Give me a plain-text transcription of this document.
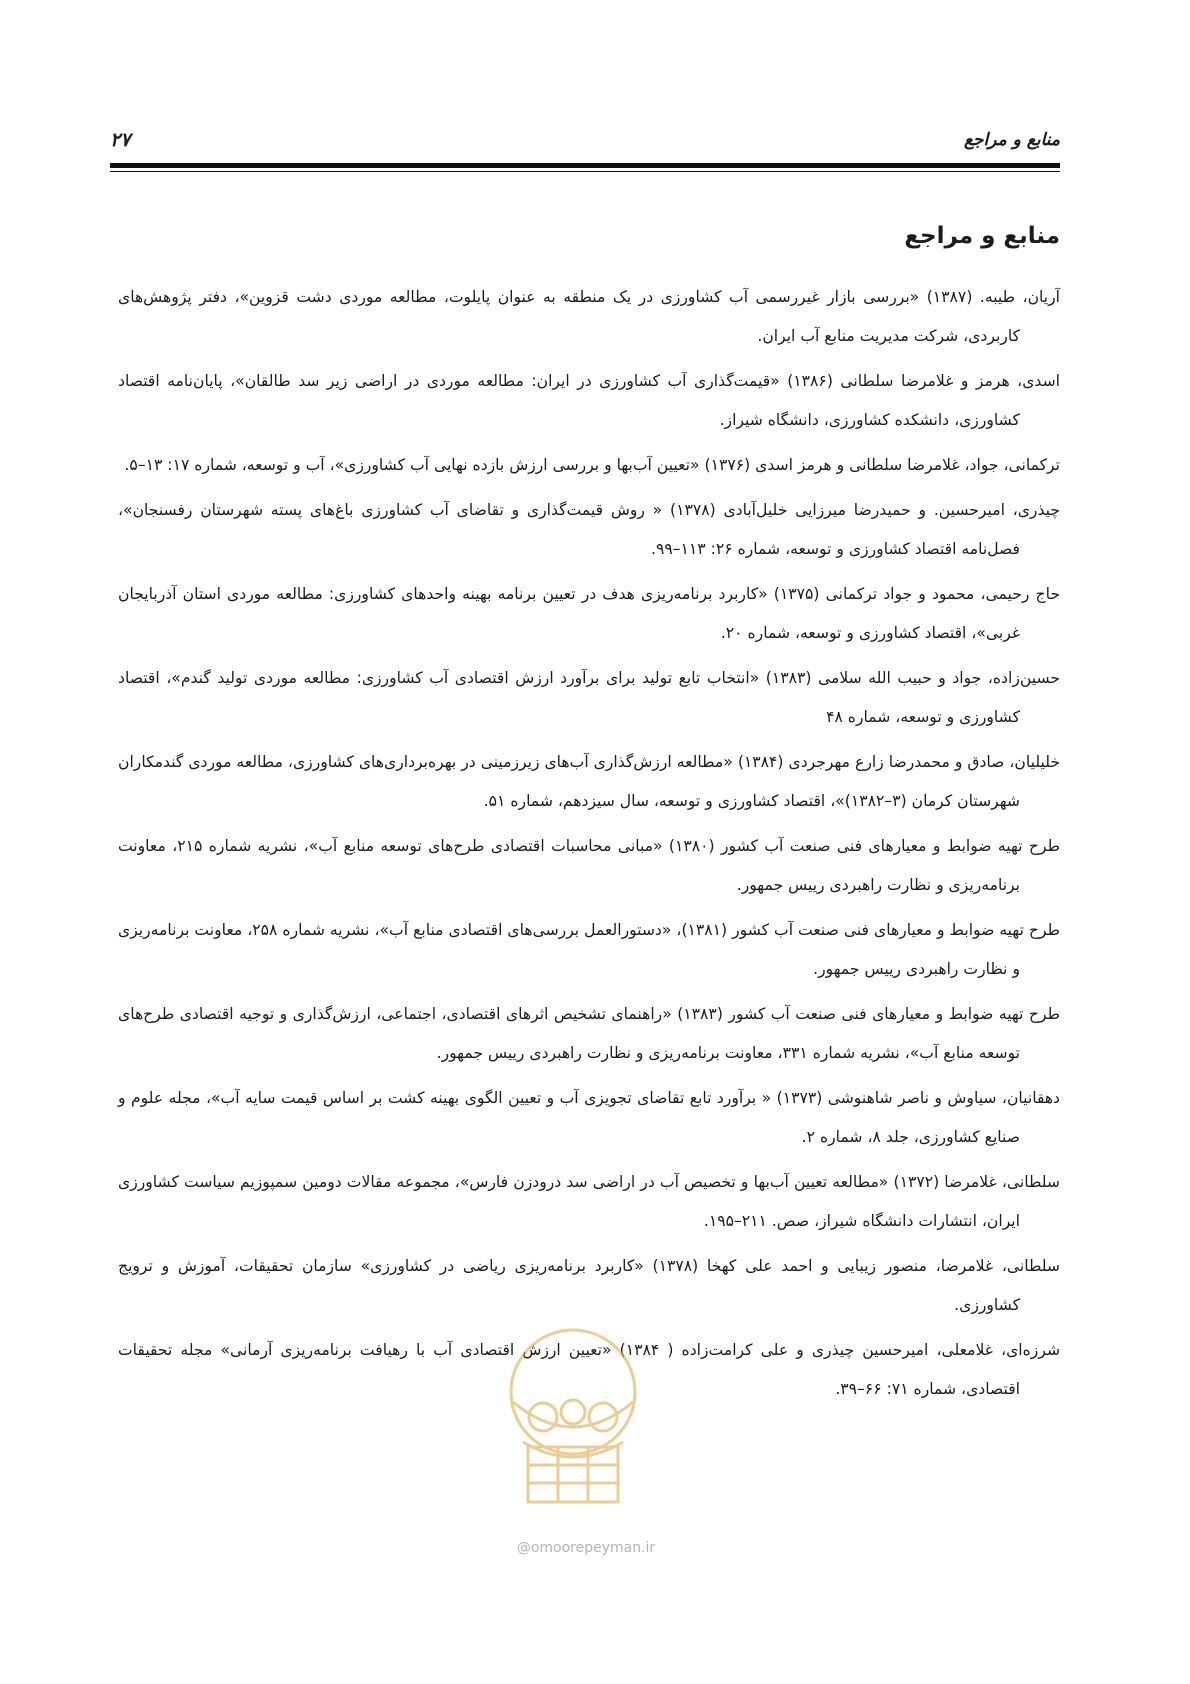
منابع و مراجع
۲۷
منابع و مراجع

آریان، طیبه. (۱۳۸۷) «بررسی بازار غیررسمی آب کشاورزی در یک منطقه به عنوان پایلوت، مطالعه موردی دشت قزوین»، دفتر پژوهش‌های کاربردی، شرکت مدیریت منابع آب ایران.

اسدی، هرمز و غلامرضا سلطانی (۱۳۸۶) «قیمت‌گذاری آب کشاورزی در ایران: مطالعه موردی در اراضی زیر سد طالقان»، پایان‌نامه اقتصاد کشاورزی، دانشکده کشاورزی، دانشگاه شیراز.

ترکمانی، جواد، غلامرضا سلطانی و هرمز اسدی (۱۳۷۶) «تعیین آب‌بها و بررسی ارزش بازده نهایی آب کشاورزی»، آب و توسعه، شماره ۱۷: ۱۳–۵.

چیذری، امیرحسین. و حمیدرضا میرزایی خلیل‌آبادی (۱۳۷۸) « روش قیمت‌گذاری و تقاضای آب کشاورزی باغ‌های پسته شهرستان رفسنجان»، فصل‌نامه اقتصاد کشاورزی و توسعه، شماره ۲۶: ۱۱۳–۹۹.

حاج رحیمی، محمود و جواد ترکمانی (۱۳۷۵) «کاربرد برنامه‌ریزی هدف در تعیین برنامه بهینه واحدهای کشاورزی: مطالعه موردی استان آذربایجان غربی»، اقتصاد کشاورزی و توسعه، شماره ۲۰.

حسین‌زاده، جواد و حبیب الله سلامی (۱۳۸۳) «انتخاب تابع تولید برای برآورد ارزش اقتصادی آب کشاورزی: مطالعه موردی تولید گندم»، اقتصاد کشاورزی و توسعه، شماره ۴۸

خلیلیان، صادق و محمدرضا زارع مهرجردی (۱۳۸۴) «مطالعه ارزش‌گذاری آب‌های زیرزمینی در بهره‌برداری‌های کشاورزی، مطالعه موردی گندمکاران شهرستان کرمان (۳–۱۳۸۲)»، اقتصاد کشاورزی و توسعه، سال سیزدهم، شماره ۵۱.

طرح تهیه ضوابط و معیارهای فنی صنعت آب کشور (۱۳۸۰) «مبانی محاسبات اقتصادی طرح‌های توسعه منابع آب»، نشریه شماره ۲۱۵، معاونت برنامه‌ریزی و نظارت راهبردی رییس جمهور.

طرح تهیه ضوابط و معیارهای فنی صنعت آب کشور (۱۳۸۱)، «دستورالعمل بررسی‌های اقتصادی منابع آب»، نشریه شماره ۲۵۸، معاونت برنامه‌ریزی و نظارت راهبردی رییس جمهور.

طرح تهیه ضوابط و معیارهای فنی صنعت آب کشور (۱۳۸۳) «راهنمای تشخیص اثرهای اقتصادی، اجتماعی، ارزش‌گذاری و توجیه اقتصادی طرح‌های توسعه منابع آب»، نشریه شماره ۳۳۱، معاونت برنامه‌ریزی و نظارت راهبردی رییس جمهور.

دهقانیان، سیاوش و ناصر شاهنوشی (۱۳۷۳) « برآورد تابع تقاضای تجویزی آب و تعیین الگوی بهینه کشت بر اساس قیمت سایه آب»، مجله علوم و صنایع کشاورزی، جلد ۸، شماره ۲.

سلطانی، غلامرضا (۱۳۷۲) «مطالعه تعیین آب‌بها و تخصیص آب در اراضی سد درودزن فارس»، مجموعه مقالات دومین سمپوزیم سیاست کشاورزی ایران، انتشارات دانشگاه شیراز، صص. ۲۱۱–۱۹۵.

سلطانی، غلامرضا، منصور زیبایی و احمد علی کهخا (۱۳۷۸) «کاربرد برنامه‌ریزی ریاضی در کشاورزی» سازمان تحقیقات، آموزش و ترویج کشاورزی.

شرزه‌ای، غلامعلی، امیرحسین چیذری و علی کرامت‌زاده ( ۱۳۸۴) «تعیین ارزش اقتصادی آب با رهیافت برنامه‌ریزی آرمانی» مجله تحقیقات اقتصادی، شماره ۷۱: ۶۶–۳۹.

@omoorepeyman.ir
